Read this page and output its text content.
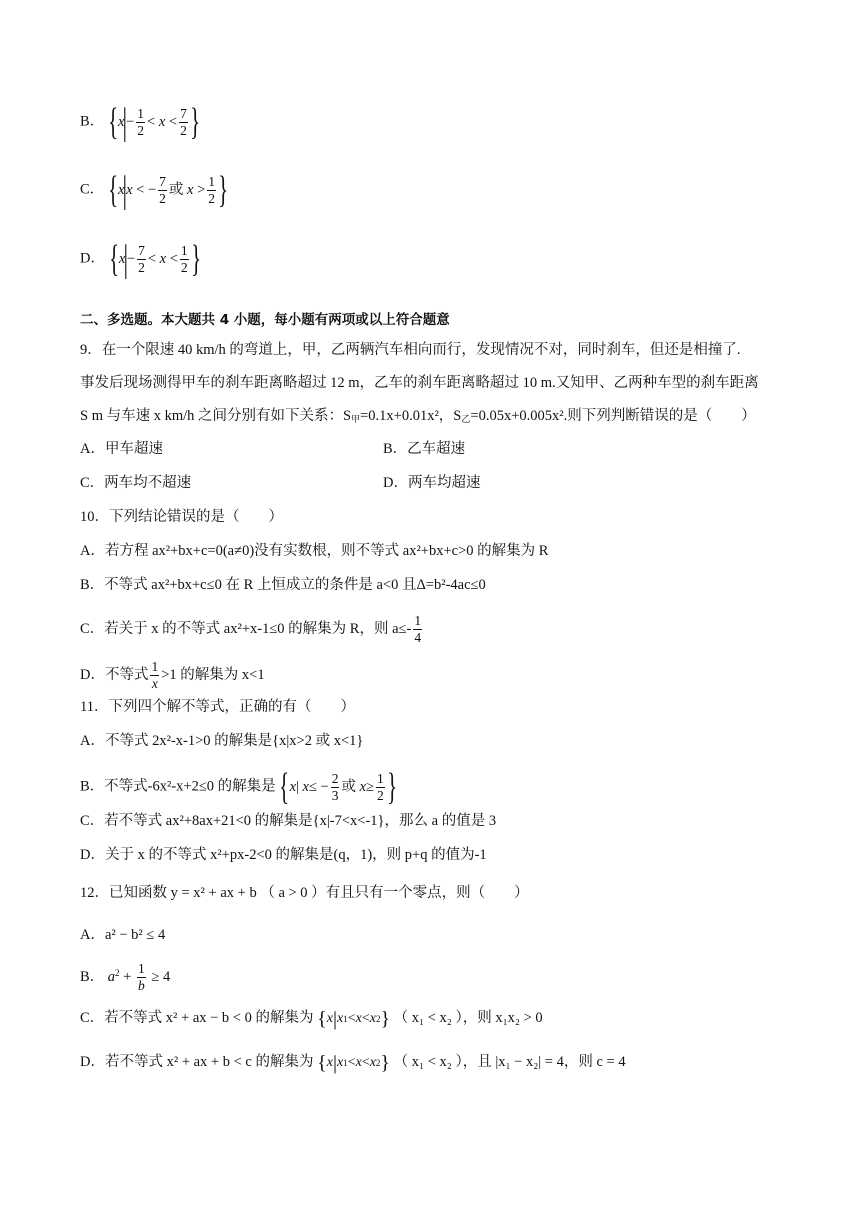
B． { x
|
− $\frac{1}{2} < x < \frac{7}{2}$ }
C． { x
|
x < − $\frac{7}{2}$ 或
$x > \frac{1}{2}$ }
D． { x
|
− $\frac{7}{2} < x < \frac{1}{2}$ }
二、多选题。本大题共 4 小题，每小题有两项或以上符合题意
9．在一个限速 40 km/h 的弯道上，甲，乙两辆汽车相向而行，发现情况不对，同时刹车，但还是相撞了.
事发后现场测得甲车的刹车距离略超过 12 m，乙车的刹车距离略超过 10 m.又知甲、乙两种车型的刹车距离
S m 与车速 x km/h 之间分别有如下关系：$S_甲=0.1x+0.01x^2$，$S_乙=0.05x+0.005x^2$.则下列判断错误的是（　　）
A．甲车超速	B．乙车超速
C．两车均不超速	D．两车均超速
10．下列结论错误的是（　　）
A．若方程 ax²+bx+c=0(a≠0)没有实数根，则不等式 ax²+bx+c>0 的解集为 R
B．不等式 ax²+bx+c≤0 在 R 上恒成立的条件是 a<0 且Δ=b²-4ac≤0
C．若关于 x 的不等式 ax²+x-1≤0 的解集为 R，则 $a\le- \frac{1}{4}$
D．不等式 $\frac{1}{x} >1$ 的解集为 x<1
11．下列四个解不等式，正确的有（　　）
A．不等式 2x²-x-1>0 的解集是{x|x>2 或 x<1}
B．不等式-6x²-x+2≤0 的解集是 { x | x ≤ − $\frac{2}{3}$ 或
$x \ge \frac{1}{2}$ }
C．若不等式 ax²+8ax+21<0 的解集是{x|-7<x<-1}，那么 a 的值是 3
D．关于 x 的不等式 x²+px-2<0 的解集是(q，1)，则 p+q 的值为-1
12．已知函数 y = x² + ax + b （ a > 0 ）有且只有一个零点，则（　　）
A．a² − b² ≤ 4
B． $a^2 + \frac{1}{b} \ge 4$
C．若不等式 x² + ax − b < 0 的解集为 { x | x 1 < x < x 2 } （ x₁ < x₂ ），则 x₁x₂ > 0
D．若不等式 x² + ax + b < c 的解集为 { x | x 1 < x < x 2 } （ x₁ < x₂ ），且 |x₁ − x₂| = 4，则 c = 4
